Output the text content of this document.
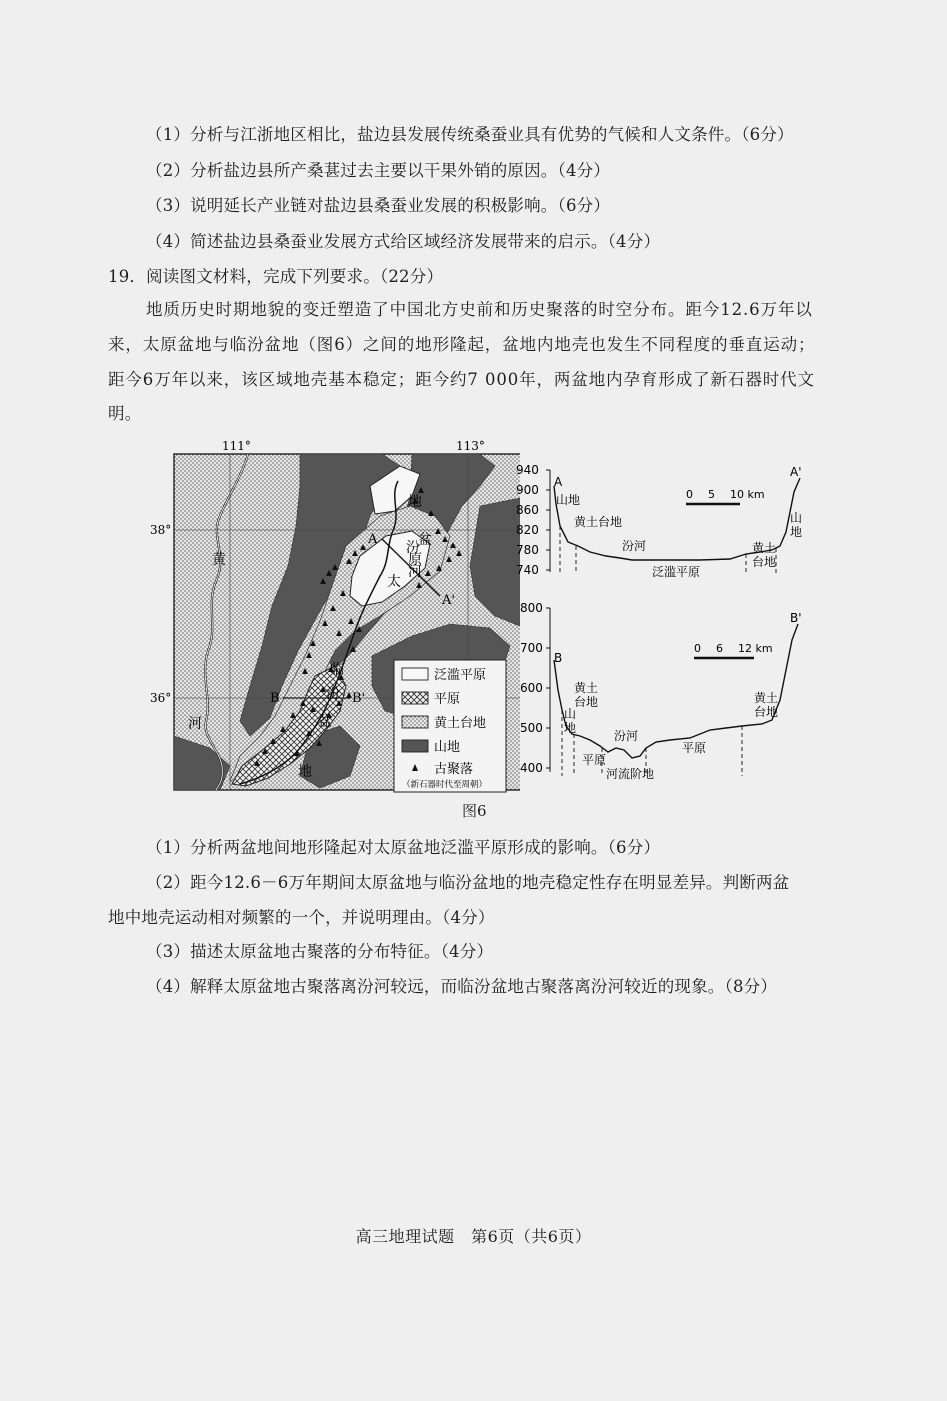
（1）分析与江浙地区相比，盐边县发展传统桑蚕业具有优势的气候和人文条件。（6分）
（2）分析盐边县所产桑葚过去主要以干果外销的原因。（4分）
（3）说明延长产业链对盐边县桑蚕业发展的积极影响。（6分）
（4）简述盐边县桑蚕业发展方式给区域经济发展带来的启示。（4分）
19．阅读图文材料，完成下列要求。（22分）
地质历史时期地貌的变迁塑造了中国北方史前和历史聚落的时空分布。距今12.6万年以
来，太原盆地与临汾盆地（图6）之间的地形隆起，盆地内地壳也发生不同程度的垂直运动；
距今6万年以来，该区域地壳基本稳定；距今约7 000年，两盆地内孕育形成了新石器时代文
明。
泛滥平原
平原
黄土台地
山地
古聚落
（新石器时代至周朝）
111°	113°
38°
36°
太
原
盆
地
临
汾
盆
地
汾
河
黄
河
A
A'
B	B'
940
900
860
820
780
740
A
A'
0 5 10 km
山地
黄土台地
汾河
泛滥平原
黄土
台地
山
地
800
700
600
500
400
B
B'
0 6 12 km
黄土
台地
山
地
汾河
平原
平原
河流阶地
黄土
台地
图6
（1）分析两盆地间地形隆起对太原盆地泛滥平原形成的影响。（6分）
（2）距今12.6－6万年期间太原盆地与临汾盆地的地壳稳定性存在明显差异。判断两盆
地中地壳运动相对频繁的一个，并说明理由。（4分）
（3）描述太原盆地古聚落的分布特征。（4分）
（4）解释太原盆地古聚落离汾河较远，而临汾盆地古聚落离汾河较近的现象。（8分）
高三地理试题　第6页（共6页）
